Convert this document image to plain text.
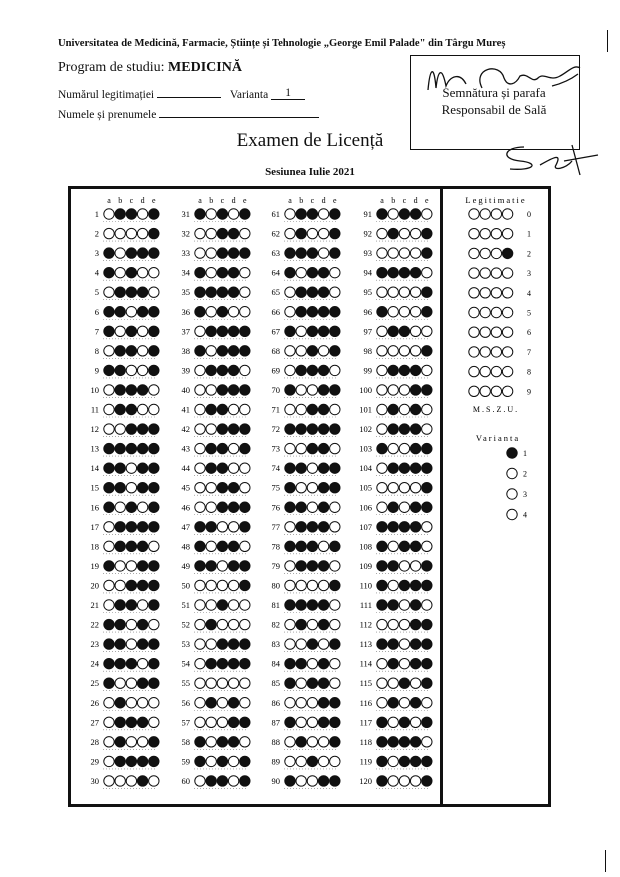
Universitatea de Medicină, Farmacie, Științe și Tehnologie „George Emil Palade" din Târgu Mureș
Program de studiu: MEDICINĂ
Numărul legitimației	Varianta 1
Numele și prenumele
Semnătura și parafa
Responsabil de Sală
Examen de Licență
Sesiunea Iulie 2021
a b c d e
1
2
3
4
5
6
7
8
9
10
11
12
13
14
15
16
17
18
19
20
21
22
23
24
25
26
27
28
29
30
a b c d e
31
32
33
34
35
36
37
38
39
40
41
42
43
44
45
46
47
48
49
50
51
52
53
54
55
56
57
58
59
60
a b c d e
61
62
63
64
65
66
67
68
69
70
71
72
73
74
75
76
77
78
79
80
81
82
83
84
85
86
87
88
89
90
a b c d e
91
92
93
94
95
96
97
98
99
100
101
102
103
104
105
106
107
108
109
110
111
112
113
114
115
116
117
118
119
120
Legitimatie
0
1
2
3
4
5
6
7
8
9
M.S.Z.U.
Varianta
1
2
3
4
